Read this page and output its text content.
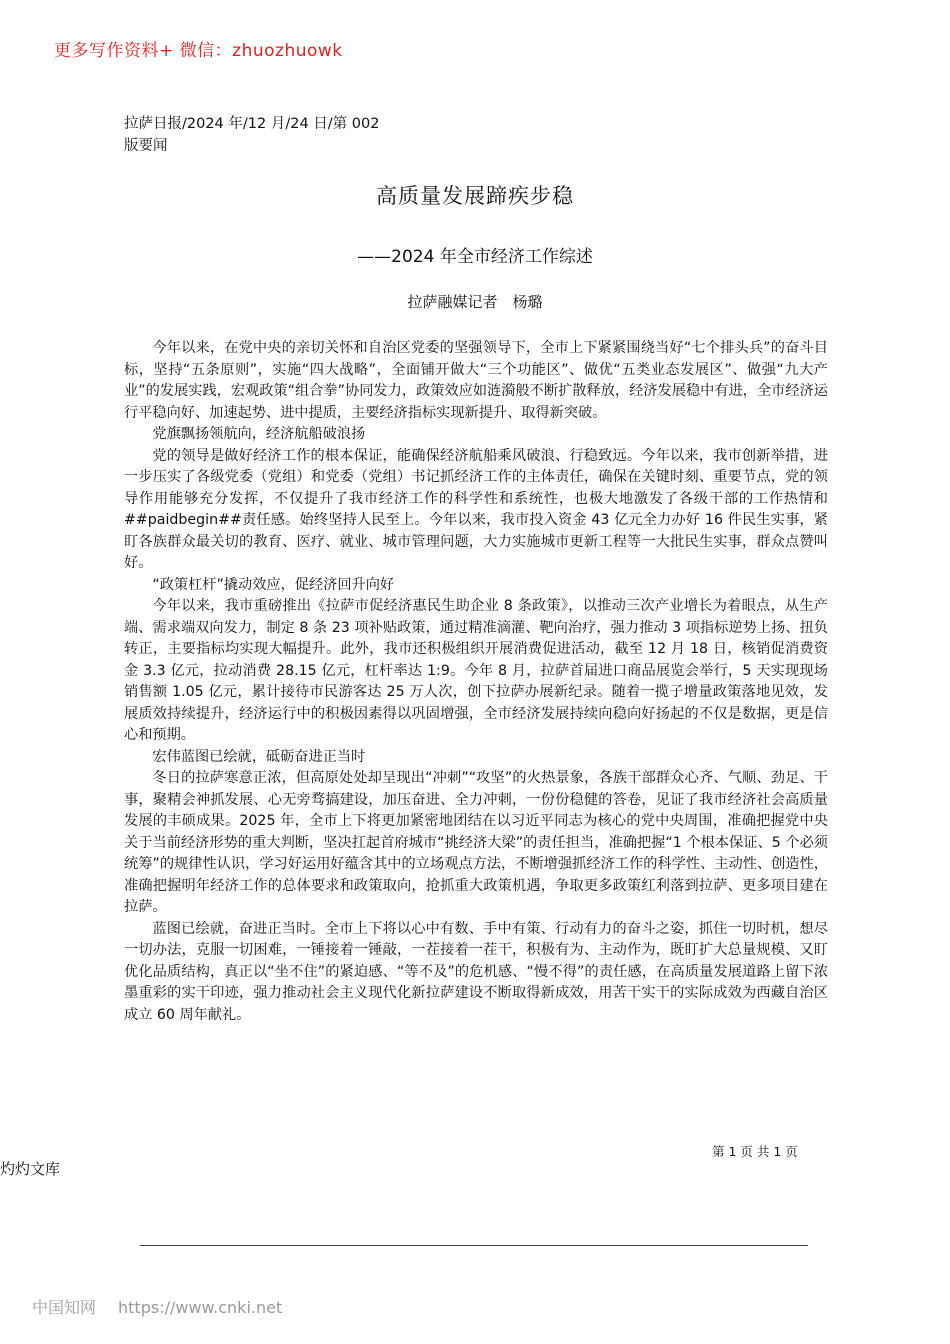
更多写作资料+ 微信：zhuozhuowk
拉萨日报/2024 年/12 月/24 日/第 002
版要闻
高质量发展蹄疾步稳
——2024 年全市经济工作综述
拉萨融媒记者　杨璐

今年以来，在党中央的亲切关怀和自治区党委的坚强领导下，全市上下紧紧围绕当好“七个排头兵”的奋斗目标，坚持“五条原则”，实施“四大战略”，全面铺开做大“三个功能区”、做优“五类业态发展区”、做强“九大产业”的发展实践，宏观政策“组合拳”协同发力，政策效应如涟漪般不断扩散释放，经济发展稳中有进，全市经济运行平稳向好、加速起势、进中提质，主要经济指标实现新提升、取得新突破。

党旗飘扬领航向，经济航船破浪扬

党的领导是做好经济工作的根本保证，能确保经济航船乘风破浪、行稳致远。今年以来，我市创新举措，进一步压实了各级党委（党组）和党委（党组）书记抓经济工作的主体责任，确保在关键时刻、重要节点，党的领导作用能够充分发挥，不仅提升了我市经济工作的科学性和系统性，也极大地激发了各级干部的工作热情和##paidbegin##责任感。始终坚持人民至上。今年以来，我市投入资金 43 亿元全力办好 16 件民生实事，紧盯各族群众最关切的教育、医疗、就业、城市管理问题，大力实施城市更新工程等一大批民生实事，群众点赞叫好。

“政策杠杆”撬动效应，促经济回升向好

今年以来，我市重磅推出《拉萨市促经济惠民生助企业 8 条政策》，以推动三次产业增长为着眼点，从生产端、需求端双向发力，制定 8 条 23 项补贴政策，通过精准滴灌、靶向治疗，强力推动 3 项指标逆势上扬、扭负转正，主要指标均实现大幅提升。此外，我市还积极组织开展消费促进活动，截至 12 月 18 日，核销促消费资金 3.3 亿元，拉动消费 28.15 亿元，杠杆率达 1:9。今年 8 月，拉萨首届进口商品展览会举行，5 天实现现场销售额 1.05 亿元，累计接待市民游客达 25 万人次，创下拉萨办展新纪录。随着一揽子增量政策落地见效，发展质效持续提升，经济运行中的积极因素得以巩固增强，全市经济发展持续向稳向好扬起的不仅是数据，更是信心和预期。

宏伟蓝图已绘就，砥砺奋进正当时

冬日的拉萨寒意正浓，但高原处处却呈现出“冲刺”“攻坚”的火热景象，各族干部群众心齐、气顺、劲足、干事，聚精会神抓发展、心无旁骛搞建设，加压奋进、全力冲刺，一份份稳健的答卷，见证了我市经济社会高质量发展的丰硕成果。2025 年，全市上下将更加紧密地团结在以习近平同志为核心的党中央周围，准确把握党中央关于当前经济形势的重大判断，坚决扛起首府城市“挑经济大梁”的责任担当，准确把握“1 个根本保证、5 个必须统筹”的规律性认识，学习好运用好蕴含其中的立场观点方法，不断增强抓经济工作的科学性、主动性、创造性，准确把握明年经济工作的总体要求和政策取向，抢抓重大政策机遇，争取更多政策红利落到拉萨、更多项目建在拉萨。

蓝图已绘就，奋进正当时。全市上下将以心中有数、手中有策、行动有力的奋斗之姿，抓住一切时机，想尽一切办法，克服一切困难，一锤接着一锤敲，一茬接着一茬干，积极有为、主动作为，既盯扩大总量规模、又盯优化品质结构，真正以“坐不住”的紧迫感、“等不及”的危机感、“慢不得”的责任感，在高质量发展道路上留下浓墨重彩的实干印迹，强力推动社会主义现代化新拉萨建设不断取得新成效，用苦干实干的实际成效为西藏自治区成立 60 周年献礼。

第 1 页 共 1 页
灼灼文库
中国知网 https://www.cnki.net
